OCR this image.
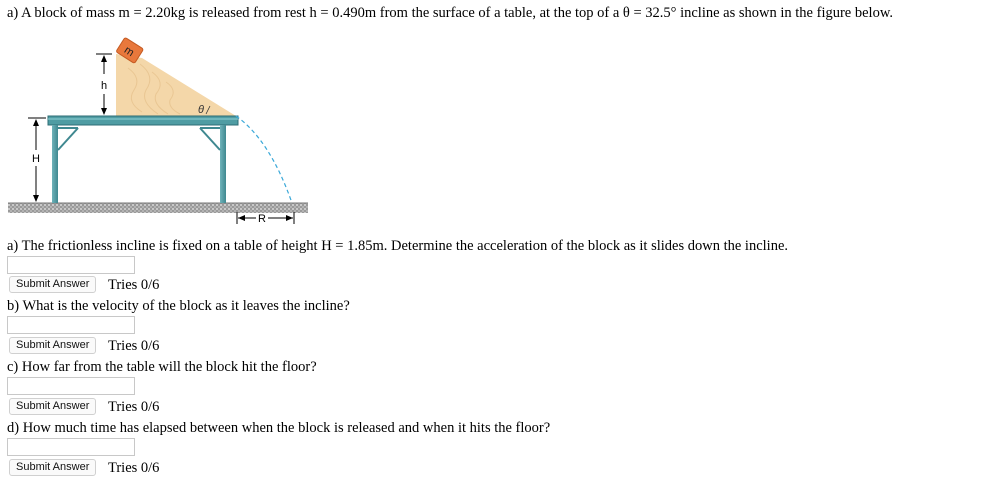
a) A block of mass m = 2.20kg is released from rest h = 0.490m from the surface of a table, at the top of a θ = 32.5° incline as shown in the figure below.
m
θ
h
H
R
a) The frictionless incline is fixed on a table of height H = 1.85m. Determine the acceleration of the block as it slides down the incline.
Submit Answer	Tries 0/6
b) What is the velocity of the block as it leaves the incline?
Submit Answer	Tries 0/6
c) How far from the table will the block hit the floor?
Submit Answer	Tries 0/6
d) How much time has elapsed between when the block is released and when it hits the floor?
Submit Answer	Tries 0/6
